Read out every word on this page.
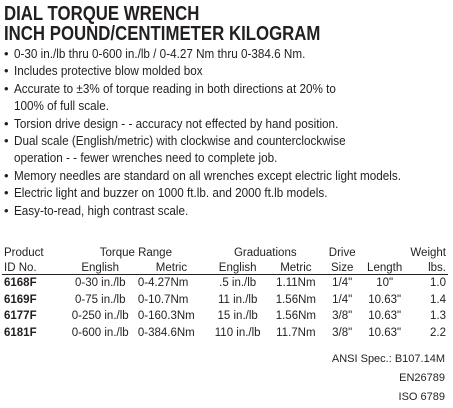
DIAL TORQUE WRENCH
INCH POUND/CENTIMETER KILOGRAM
• 0-30 in./lb thru 0-600 in./lb / 0-4.27 Nm thru 0-384.6 Nm.
• Includes protective blow molded box
• Accurate to ±3% of torque reading in both directions at 20% to
100% of full scale.
• Torsion drive design - - accuracy not effected by hand position.
• Dual scale (English/metric) with clockwise and counterclockwise
operation - - fewer wrenches need to complete job.
• Memory needles are standard on all wrenches except electric light models.
• Electric light and buzzer on 1000 ft.lb. and 2000 ft.lb models.
• Easy-to-read, high contrast scale.
Product	Torque Range		Graduations		Drive		Weight
ID No.	English	Metric	English	Metric	Size	Length	lbs.
6168F	0-30 in./lb	0-4.27Nm	.5 in./lb	1.11Nm	1/4"	10"	1.0
6169F	0-75 in./lb	0-10.7Nm	11 in./lb	1.56Nm	1/4"	10.63"	1.4
6177F	0-250 in./lb	0-160.3Nm	15 in./lb	1.56Nm	3/8"	10.63"	1.3
6181F	0-600 in./lb	0-384.6Nm	110 in./lb	11.7Nm	3/8"	10.63"	2.2
ANSI Spec.: B107.14M
EN26789
ISO 6789
